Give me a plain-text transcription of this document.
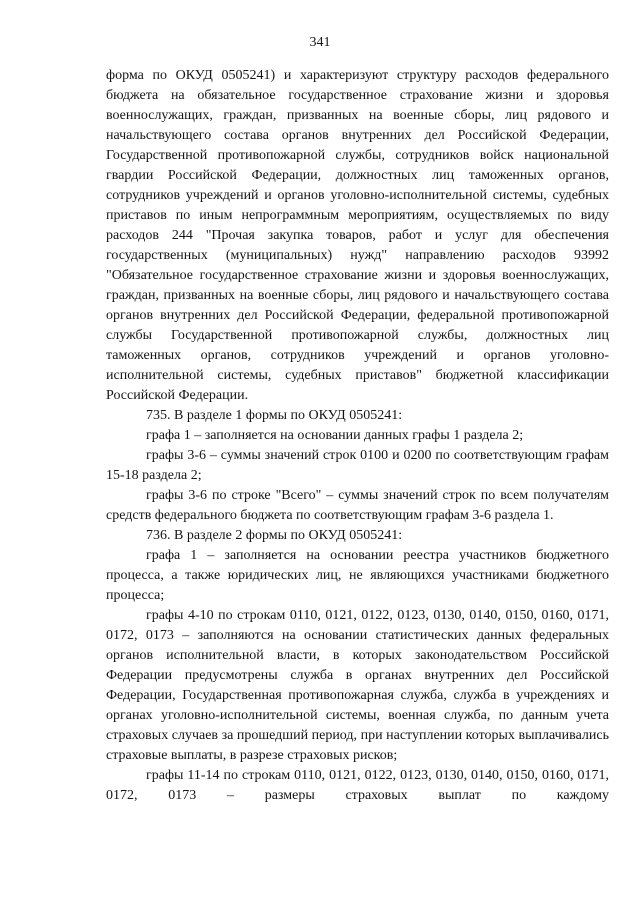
341

форма по ОКУД 0505241) и характеризуют структуру расходов федерального бюджета на обязательное государственное страхование жизни и здоровья военнослужащих, граждан, призванных на военные сборы, лиц рядового и начальствующего состава органов внутренних дел Российской Федерации, Государственной противопожарной службы, сотрудников войск национальной гвардии Российской Федерации, должностных лиц таможенных органов, сотрудников учреждений и органов уголовно-исполнительной системы, судебных приставов по иным непрограммным мероприятиям, осуществляемых по виду расходов 244 "Прочая закупка товаров, работ и услуг для обеспечения государственных (муниципальных) нужд" направлению расходов 93992 "Обязательное государственное страхование жизни и здоровья военнослужащих, граждан, призванных на военные сборы, лиц рядового и начальствующего состава органов внутренних дел Российской Федерации, федеральной противопожарной службы Государственной противопожарной службы, должностных лиц таможенных органов, сотрудников учреждений и органов уголовно-исполнительной системы, судебных приставов" бюджетной классификации Российской Федерации.

735. В разделе 1 формы по ОКУД 0505241:

графа 1 – заполняется на основании данных графы 1 раздела 2;

графы 3-6 – суммы значений строк 0100 и 0200 по соответствующим графам 15-18 раздела 2;

графы 3-6 по строке "Всего" – суммы значений строк по всем получателям средств федерального бюджета по соответствующим графам 3-6 раздела 1.

736. В разделе 2 формы по ОКУД 0505241:

графа 1 – заполняется на основании реестра участников бюджетного процесса, а также юридических лиц, не являющихся участниками бюджетного процесса;

графы 4-10 по строкам 0110, 0121, 0122, 0123, 0130, 0140, 0150, 0160, 0171, 0172, 0173 – заполняются на основании статистических данных федеральных органов исполнительной власти, в которых законодательством Российской Федерации предусмотрены служба в органах внутренних дел Российской Федерации, Государственная противопожарная служба, служба в учреждениях и органах уголовно-исполнительной системы, военная служба, по данным учета страховых случаев за прошедший период, при наступлении которых выплачивались страховые выплаты, в разрезе страховых рисков;

графы 11-14 по строкам 0110, 0121, 0122, 0123, 0130, 0140, 0150, 0160, 0171, 0172, 0173 – размеры страховых выплат по каждому
